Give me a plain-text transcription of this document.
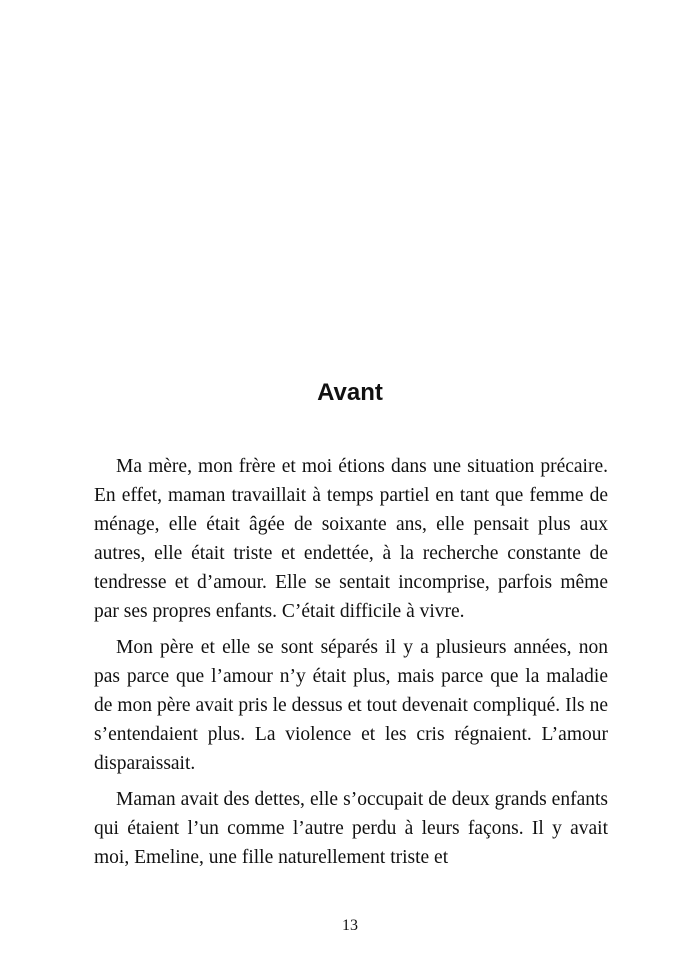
Avant

Ma mère, mon frère et moi étions dans une situation précaire. En effet, maman travaillait à temps partiel en tant que femme de ménage, elle était âgée de soixante ans, elle pensait plus aux autres, elle était triste et endettée, à la recherche constante de tendresse et d’amour. Elle se sentait incomprise, parfois même par ses propres enfants. C’était difficile à vivre.

Mon père et elle se sont séparés il y a plusieurs années, non pas parce que l’amour n’y était plus, mais parce que la maladie de mon père avait pris le dessus et tout devenait compliqué. Ils ne s’entendaient plus. La violence et les cris régnaient. L’amour disparaissait.

Maman avait des dettes, elle s’occupait de deux grands enfants qui étaient l’un comme l’autre perdu à leurs façons. Il y avait moi, Emeline, une fille naturellement triste et

13
